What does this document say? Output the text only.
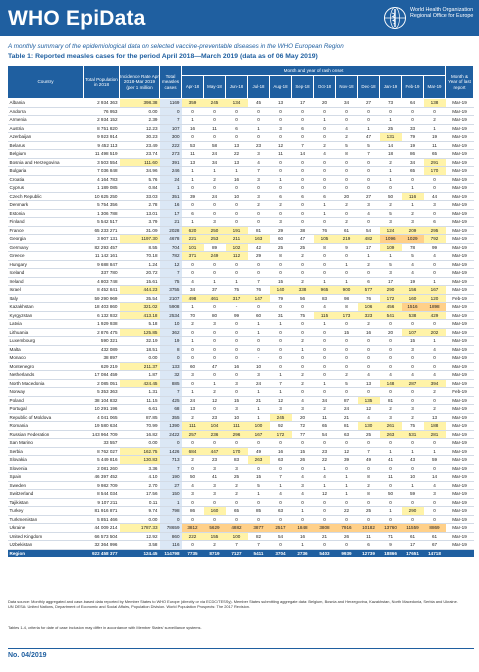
WHO EpiData	World Health Organization
Regional Office for Europe
A monthly summary of the epidemiological data on selected vaccine-preventable diseases in the WHO European Region
Table 1: Reported measles cases for the period April 2018—March 2019 (data as of 06 May 2019)
Country	Total Population in 2018	Incidence Rate Apr 2018-Mar 2019 (per 1 million	Total measles cases	Month and year of rash onset												Month & Year of last report
				Apr-18	May-18	Jun-18	Jul-18	Aug-18	Sep-18	Oct-18	Nov-18	Dec-18	Jan-19	Feb-19	Mar-19	
Albania	2 934 363	398.38	1169	359	245	134	45	13	17	20	34	27	73	64	138	Mar-19
Andorra	76 953	0.00	0	0	0	0	0	0	0	0	0	0	0	0	0	Mar-19
Armenia	2 934 152	2.39	7	1	0	0	0	0	0	1	0	0	1	0	2	Mar-19
Austria	8 751 820	12.23	107	16	11	6	1	3	6	0	4	1	25	33	1	Mar-19
Azerbaijan	9 923 914	30.23	300	0	0	0	0	0	0	0	2	47	131	79	19	Mar-19
Belarus	9 452 113	23.49	222	53	58	13	23	12	7	2	5	5	14	19	11	Mar-19
Belgium	11 498 519	23.74	273	11	24	22	3	11	14	4	8	7	18	86	65	Mar-19
Bosnia and Herzegovina	3 503 554	111.60	391	13	34	13	4	0	0	0	0	0	2	34	291	Mar-19
Bulgaria	7 036 848	34.96	246	1	1	1	7	0	0	0	0	0	1	65	170	Mar-19
Croatia	4 164 783	5.76	24	1	2	16	3	1	0	0	0	0	1	0	0	Mar-19
Cyprus	1 189 085	0.84	1	0	0	0	0	0	0	0	0	0	0	1	0	Mar-19
Czech Republic	10 625 250	33.03	351	39	24	10	3	6	6	6	20	27	50	116	44	Mar-19
Denmark	5 754 356	2.78	16	0	0	0	2	2	0	1	2	3	2	1	3	Mar-19
Estonia	1 306 788	13.01	17	6	0	0	0	0	0	1	0	4	5	2	0	Mar-19
Finland	5 542 517	3.79	21	1	3	0	0	3	0	0	2	0	3	3	6	Mar-19
France	65 233 271	31.09	2028	620	250	191	81	29	38	76	61	54	124	209	295	Mar-19
Georgia	3 907 131	1197.30	4678	221	253	211	163	60	47	105	219	482	1096	1029	792	Mar-19
Germany	82 293 457	8.55	704	101	89	102	42	25	25	8	9	17	109	78	99	Mar-19
Greece	11 142 161	70.18	782	371	249	112	29	8	2	0	0	1	1	5	4	Mar-19
Hungary	9 688 847	1.24	12	0	0	0	0	0	0	0	1	2	5	4	0	Mar-19
Iceland	337 780	20.72	7	0	0	0	0	0	0	0	0	0	3	4	0	Mar-19
Ireland	4 803 748	15.61	75	4	1	1	7	15	2	1	1	6	17	19	1	Mar-19
Israel	8 452 841	444.23	3755	34	37	75	76	140	338	965	900	577	290	156	167	Mar-19
Italy	59 290 969	35.54	2107	498	461	317	147	79	56	83	98	76	172	160	120	Feb-19
Kazakhstan	18 403 860	321.02	5908	1	0	-	0	0	0	4	8	106	456	1516	1898	Mar-19
Kyrgyzstan	6 132 932	413.18	2534	70	80	99	60	31	75	115	173	323	541	538	429	Mar-19
Latvia	1 929 938	5.18	10	2	3	0	1	1	0	1	0	2	0	0	0	Mar-19
Lithuania	2 876 475	125.85	362	0	0	0	1	0	0	0	15	16	20	107	202	Mar-19
Luxembourg	590 321	32.19	19	1	0	0	0	0	2	0	0	0	0	15	1	Mar-19
Malta	432 089	18.51	8	0	0	0	0	0	1	0	0	0	0	3	4	Mar-19
Monaco	38 897	0.00	0	0	0	0	-	0	0	0	0	0	0	0	0	Mar-19
Montenegro	629 219	211.37	133	60	47	16	10	0	0	0	0	0	0	0	0	Mar-19
Netherlands	17 084 459	1.87	32	3	0	0	3	1	2	0	2	4	4	4	4	Mar-19
North Macedonia	2 085 051	424.45	885	0	1	3	24	7	2	1	5	13	148	287	394	Mar-19
Norway	5 353 363	1.31	7	1	2	0	1	1	0	0	0	0	0	0	2	Feb-19
Poland	38 104 832	11.15	425	24	12	15	21	12	4	34	87	135	81	0	0	Mar-19
Portugal	10 291 196	6.61	68	13	0	3	1	3	3	2	24	12	2	3	2	Mar-19
Republic of Moldova	4 041 065	87.85	355	2	23	10	1	245	20	11	21	4	3	2	13	Mar-19
Romania	19 580 634	70.99	1390	111	104	111	100	92	72	65	81	130	261	75	188	Mar-19
Russian Federation	143 964 709	16.82	2422	257	236	296	167	172	77	54	63	25	263	531	281	Mar-19
San Marino	33 557	0.00	0	0	0	0	0	0	0	0	0	0	0	0	0	Mar-19
Serbia	8 762 027	162.75	1426	684	447	170	49	16	15	23	12	7	1	1	1	Mar-19
Slovakia	5 449 816	130.83	713	2	23	83	263	63	26	22	39	49	41	43	59	Mar-19
Slovenia	2 081 260	3.36	7	0	3	3	0	0	0	1	0	0	0	0	0	Mar-19
Spain	46 397 452	4.10	190	50	41	25	15	7	4	4	1	8	11	10	14	Mar-19
Sweden	9 982 709	2.70	27	4	3	2	5	1	3	1	1	2	0	1	4	Mar-19
Switzerland	8 544 034	17.56	150	3	3	2	1	4	4	12	1	8	50	59	3	Mar-19
Tajikistan	9 107 211	0.11	1	0	0	0	0	0	0	0	0	0	0	0	0	Mar-19
Turkey	81 916 871	9.74	798	86	160	65	85	63	1	0	22	25	1	290	0	Mar-19
Turkmenistan	5 851 466	0.00	0	0	0	0	0	0	0	0	0	0	0	0	0	Mar-19
Ukraine	44 009 214	1787.33	78659	3812	5629	4882	3877	2517	1848	3808	7916	10182	13760	11559	8869	Mar-19
United Kingdom	66 573 504	12.92	860	222	155	100	82	54	16	21	26	11	71	61	61	Mar-19
Uzbekistan	32 364 996	3.58	116	0	2	7	7	0	1	0	0	6	9	17	67	Mar-19
Region	922 458 377	124.45	114798	7735	8719	7127	5411	3704	2736	5403	9939	12739	18866	17651	14718	
Data source: Monthly aggregated and case-based data reported by Member States to WHO Europe (directly or via ECDC/TESSy). Member States submitting aggregate data: Belgium, Bosnia and Herzegovina, Kazakhstan, North Macedonia, Serbia and Ukraine.
UN DESA: United Nations, Department of Economic and Social Affairs, Population Division. World Population Prospects: The 2017 Revision.
Tables 1-4, criteria for date of case inclusion may differ in accordance with Member States' surveillance systems.
No. 04/2019
